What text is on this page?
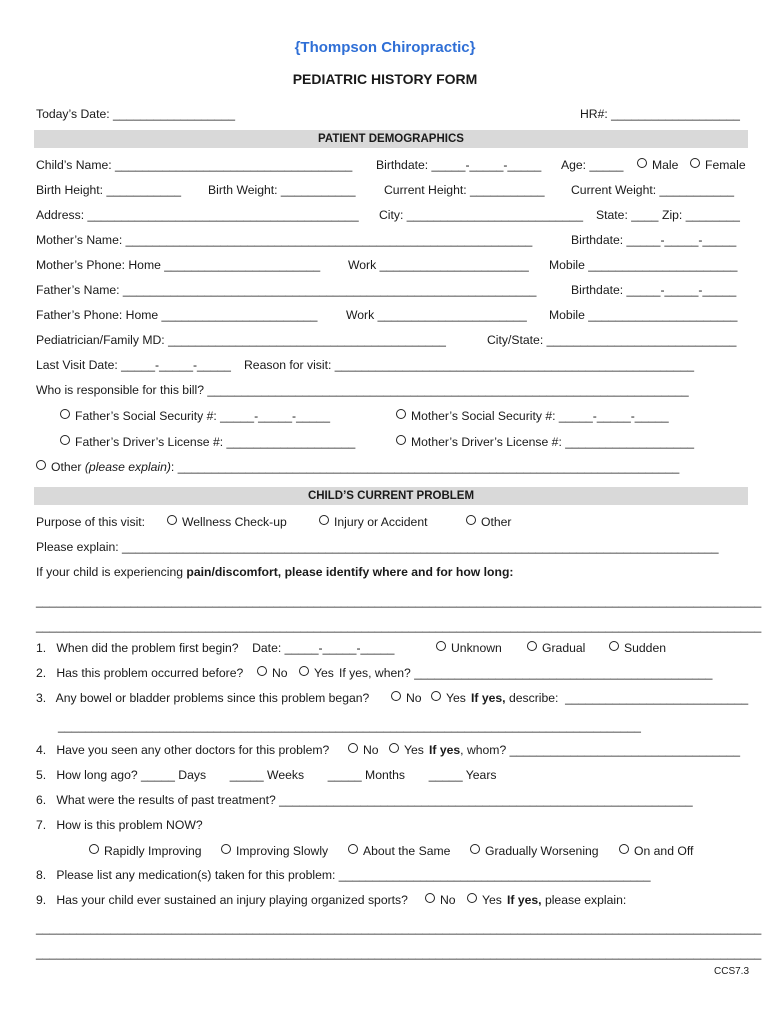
{Thompson Chiropractic}
PEDIATRIC HISTORY FORM
Today’s Date: __________________	HR#: ___________________
PATIENT DEMOGRAPHICS
Child’s Name: ___________________________________ Birthdate: _____-_____-_____ Age: _____	Male	Female
Birth Height: ___________ Birth Weight: ___________ Current Height: ___________ Current Weight: ___________
Address: ________________________________________ City: __________________________ State: ____ Zip: ________
Mother’s Name: ____________________________________________________________	Birthdate: _____-_____-_____
Mother’s Phone: Home _______________________ Work ______________________ Mobile ______________________
Father’s Name: _____________________________________________________________	Birthdate: _____-_____-_____
Father’s Phone: Home _______________________ Work ______________________ Mobile ______________________
Pediatrician/Family MD: _________________________________________	City/State: ____________________________
Last Visit Date: _____-_____-_____ Reason for visit: _____________________________________________________
Who is responsible for this bill? _______________________________________________________________________
Father’s Social Security #: _____-_____-_____	Mother’s Social Security #: _____-_____-_____
Father’s Driver’s License #: ___________________	Mother’s Driver’s License #: ___________________
Other (please explain): __________________________________________________________________________
CHILD’S CURRENT PROBLEM
Purpose of this visit:	Wellness Check-up	Injury or Accident	Other
Please explain: ________________________________________________________________________________________
If your child is experiencing pain/discomfort, please identify where and for how long:
___________________________________________________________________________________________________________
___________________________________________________________________________________________________________
1.   When did the problem first begin?    Date: _____-_____-_____	Unknown	Gradual	Sudden
2.   Has this problem occurred before?	No	Yes If yes, when? ____________________________________________
3.   Any bowel or bladder problems since this problem began?	No	Yes If yes, describe:  ___________________________
______________________________________________________________________________________
4.   Have you seen any other doctors for this problem?	No	Yes If yes, whom? __________________________________
5.   How long ago? _____ Days       _____ Weeks       _____ Months       _____ Years
6.   What were the results of past treatment? _____________________________________________________________
7.   How is this problem NOW?
Rapidly Improving	Improving Slowly	About the Same	Gradually Worsening	On and Off
8.   Please list any medication(s) taken for this problem: ______________________________________________
9.   Has your child ever sustained an injury playing organized sports?	No	Yes If yes, please explain:
___________________________________________________________________________________________________________
___________________________________________________________________________________________________________
CCS7.3
